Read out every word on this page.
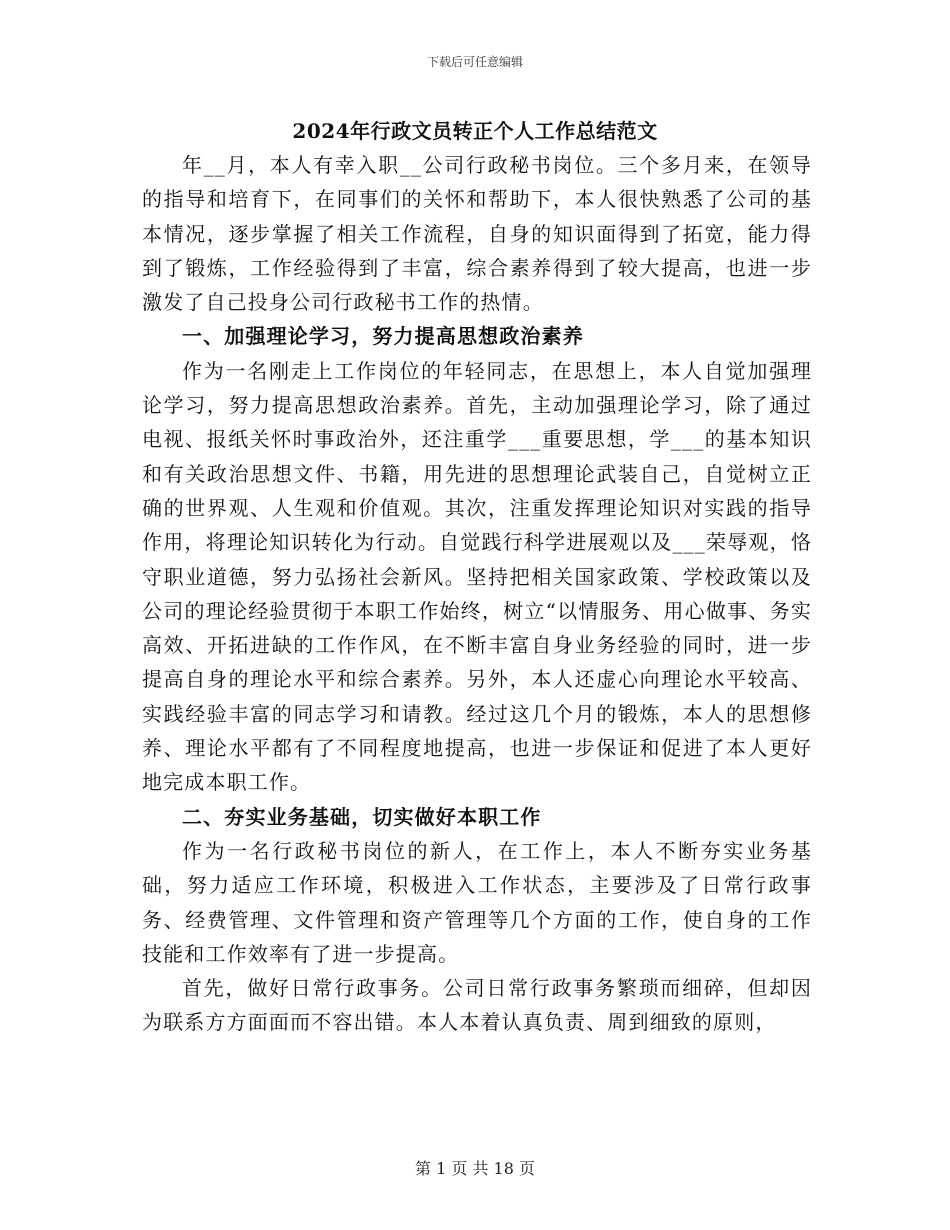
下载后可任意编辑
2024年行政文员转正个人工作总结范文

年__月，本人有幸入职__公司行政秘书岗位。三个多月来，在领导的指导和培育下，在同事们的关怀和帮助下，本人很快熟悉了公司的基本情况，逐步掌握了相关工作流程，自身的知识面得到了拓宽，能力得到了锻炼，工作经验得到了丰富，综合素养得到了较大提高，也进一步激发了自己投身公司行政秘书工作的热情。

一、加强理论学习，努力提高思想政治素养

作为一名刚走上工作岗位的年轻同志，在思想上，本人自觉加强理论学习，努力提高思想政治素养。首先，主动加强理论学习，除了通过电视、报纸关怀时事政治外，还注重学___重要思想，学___的基本知识和有关政治思想文件、书籍，用先进的思想理论武装自己，自觉树立正确的世界观、人生观和价值观。其次，注重发挥理论知识对实践的指导作用，将理论知识转化为行动。自觉践行科学进展观以及___荣辱观，恪守职业道德，努力弘扬社会新风。坚持把相关国家政策、学校政策以及公司的理论经验贯彻于本职工作始终，树立“以情服务、用心做事、务实高效、开拓进缺的工作作风，在不断丰富自身业务经验的同时，进一步提高自身的理论水平和综合素养。另外，本人还虚心向理论水平较高、实践经验丰富的同志学习和请教。经过这几个月的锻炼，本人的思想修养、理论水平都有了不同程度地提高，也进一步保证和促进了本人更好地完成本职工作。

二、夯实业务基础，切实做好本职工作

作为一名行政秘书岗位的新人，在工作上，本人不断夯实业务基础，努力适应工作环境，积极进入工作状态，主要涉及了日常行政事务、经费管理、文件管理和资产管理等几个方面的工作，使自身的工作技能和工作效率有了进一步提高。

首先，做好日常行政事务。公司日常行政事务繁琐而细碎，但却因为联系方方面面而不容出错。本人本着认真负责、周到细致的原则，

第 1 页 共 18 页
